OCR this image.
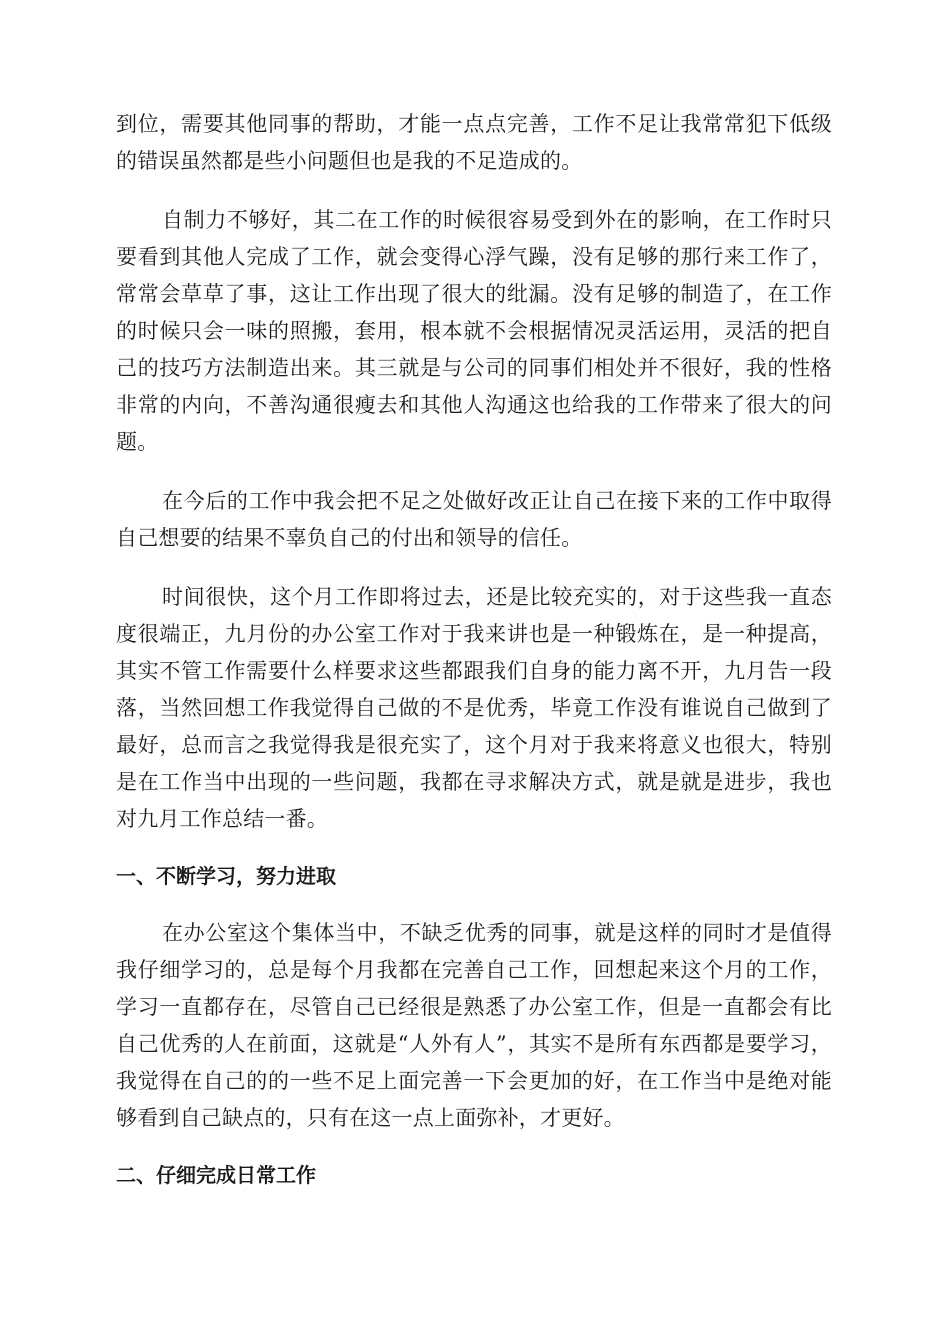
到位，需要其他同事的帮助，才能一点点完善，工作不足让我常常犯下低级的错误虽然都是些小问题但也是我的不足造成的。

自制力不够好，其二在工作的时候很容易受到外在的影响，在工作时只要看到其他人完成了工作，就会变得心浮气躁，没有足够的那行来工作了，常常会草草了事，这让工作出现了很大的纰漏。没有足够的制造了，在工作的时候只会一味的照搬，套用，根本就不会根据情况灵活运用，灵活的把自己的技巧方法制造出来。其三就是与公司的同事们相处并不很好，我的性格非常的内向，不善沟通很瘦去和其他人沟通这也给我的工作带来了很大的问题。

在今后的工作中我会把不足之处做好改正让自己在接下来的工作中取得自己想要的结果不辜负自己的付出和领导的信任。

时间很快，这个月工作即将过去，还是比较充实的，对于这些我一直态度很端正，九月份的办公室工作对于我来讲也是一种锻炼在，是一种提高，其实不管工作需要什么样要求这些都跟我们自身的能力离不开，九月告一段落，当然回想工作我觉得自己做的不是优秀，毕竟工作没有谁说自己做到了最好，总而言之我觉得我是很充实了，这个月对于我来将意义也很大，特别是在工作当中出现的一些问题，我都在寻求解决方式，就是就是进步，我也对九月工作总结一番。

一、不断学习，努力进取

在办公室这个集体当中，不缺乏优秀的同事，就是这样的同时才是值得我仔细学习的，总是每个月我都在完善自己工作，回想起来这个月的工作，学习一直都存在，尽管自己已经很是熟悉了办公室工作，但是一直都会有比自己优秀的人在前面，这就是“人外有人”，其实不是所有东西都是要学习，我觉得在自己的的一些不足上面完善一下会更加的好，在工作当中是绝对能够看到自己缺点的，只有在这一点上面弥补，才更好。

二、仔细完成日常工作
